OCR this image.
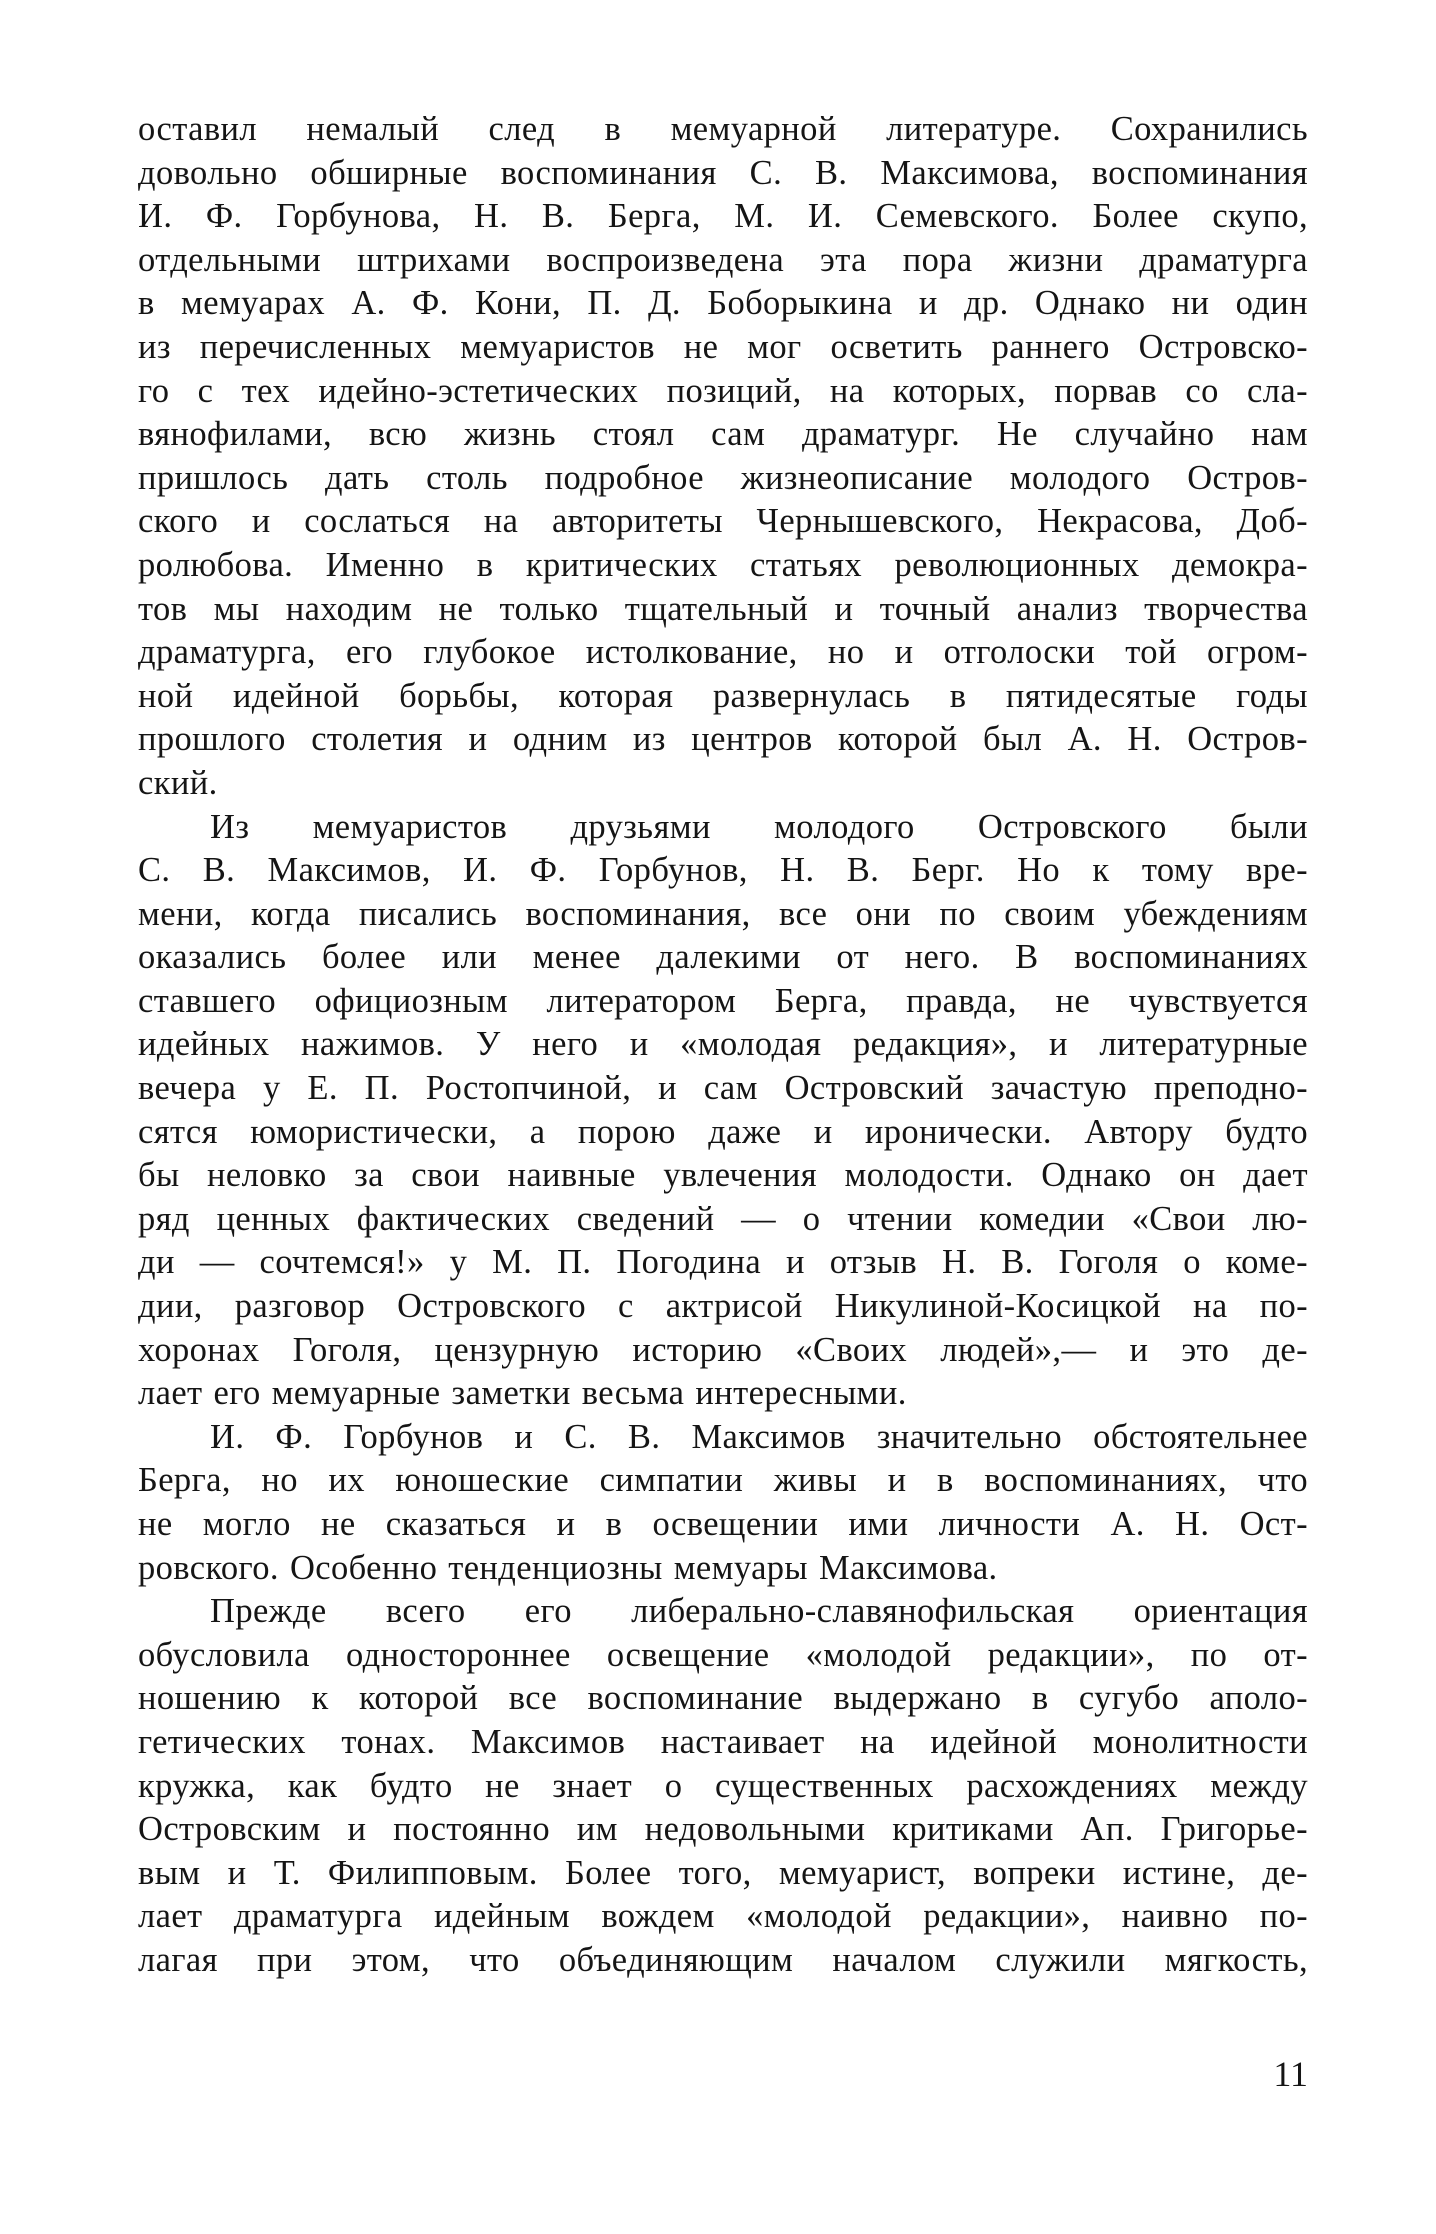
оставил немалый след в мемуарной литературе. Сохранились
довольно обширные воспоминания С. В. Максимова, воспоминания
И. Ф. Горбунова, Н. В. Берга, М. И. Семевского. Более скупо,
отдельными штрихами воспроизведена эта пора жизни драматурга
в мемуарах А. Ф. Кони, П. Д. Боборыкина и др. Однако ни один
из перечисленных мемуаристов не мог осветить раннего Островско-
го с тех идейно-эстетических позиций, на которых, порвав со сла-
вянофилами, всю жизнь стоял сам драматург. Не случайно нам
пришлось дать столь подробное жизнеописание молодого Остров-
ского и сослаться на авторитеты Чернышевского, Некрасова, Доб-
ролюбова. Именно в критических статьях революционных демокра-
тов мы находим не только тщательный и точный анализ творчества
драматурга, его глубокое истолкование, но и отголоски той огром-
ной идейной борьбы, которая развернулась в пятидесятые годы
прошлого столетия и одним из центров которой был А. Н. Остров-
ский.
Из мемуаристов друзьями молодого Островского были
С. В. Максимов, И. Ф. Горбунов, Н. В. Берг. Но к тому вре-
мени, когда писались воспоминания, все они по своим убеждениям
оказались более или менее далекими от него. В воспоминаниях
ставшего официозным литератором Берга, правда, не чувствуется
идейных нажимов. У него и «молодая редакция», и литературные
вечера у Е. П. Ростопчиной, и сам Островский зачастую преподно-
сятся юмористически, а порою даже и иронически. Автору будто
бы неловко за свои наивные увлечения молодости. Однако он дает
ряд ценных фактических сведений — о чтении комедии «Свои лю-
ди — сочтемся!» у М. П. Погодина и отзыв Н. В. Гоголя о коме-
дии, разговор Островского с актрисой Никулиной-Косицкой на по-
хоронах Гоголя, цензурную историю «Своих людей»,— и это де-
лает его мемуарные заметки весьма интересными.
И. Ф. Горбунов и С. В. Максимов значительно обстоятельнее
Берга, но их юношеские симпатии живы и в воспоминаниях, что
не могло не сказаться и в освещении ими личности А. Н. Ост-
ровского. Особенно тенденциозны мемуары Максимова.
Прежде всего его либерально-славянофильская ориентация
обусловила одностороннее освещение «молодой редакции», по от-
ношению к которой все воспоминание выдержано в сугубо аполо-
гетических тонах. Максимов настаивает на идейной монолитности
кружка, как будто не знает о существенных расхождениях между
Островским и постоянно им недовольными критиками Ап. Григорье-
вым и Т. Филипповым. Более того, мемуарист, вопреки истине, де-
лает драматурга идейным вождем «молодой редакции», наивно по-
лагая при этом, что объединяющим началом служили мягкость,
11
